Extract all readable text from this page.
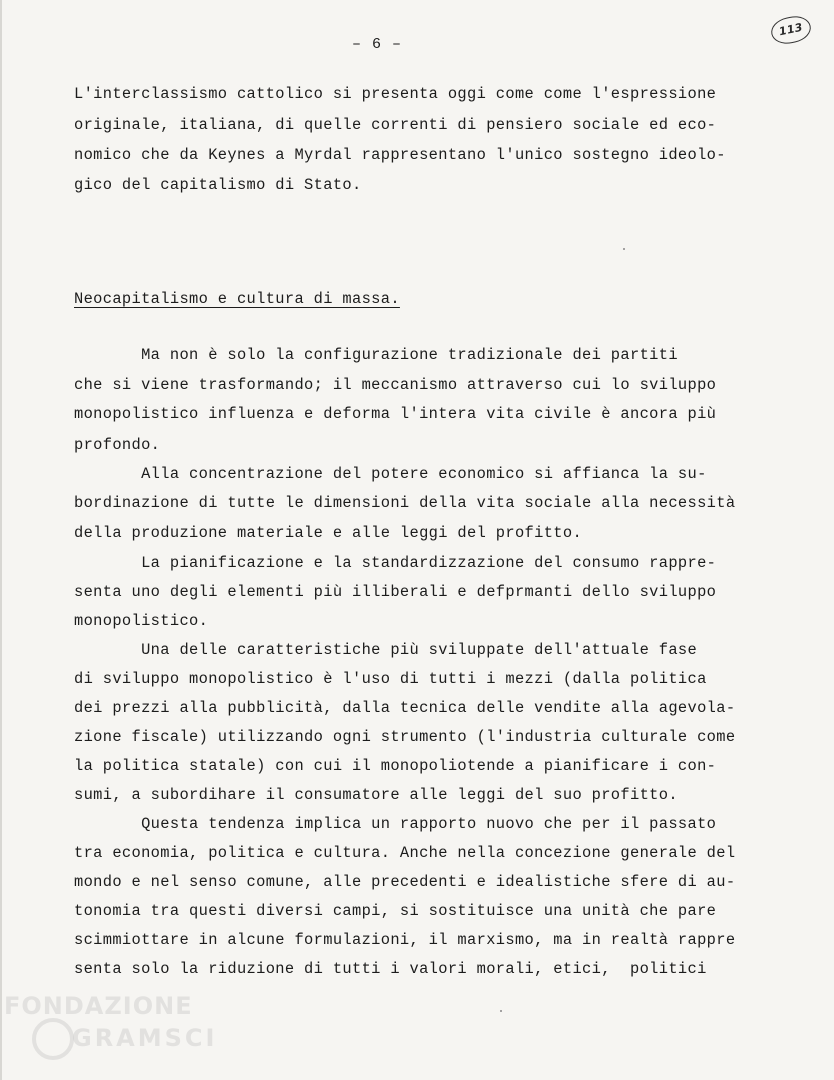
– 6 –
113
L'interclassismo cattolico si presenta oggi come come l'espressione
originale, italiana, di quelle correnti di pensiero sociale ed eco-
nomico che da Keynes a Myrdal rappresentano l'unico sostegno ideolo-
gico del capitalismo di Stato.
Neocapitalismo e cultura di massa.
Ma non è solo la configurazione tradizionale dei partiti
che si viene trasformando; il meccanismo attraverso cui lo sviluppo
monopolistico influenza e deforma l'intera vita civile è ancora più
profondo.
Alla concentrazione del potere economico si affianca la su-
bordinazione di tutte le dimensioni della vita sociale alla necessità
della produzione materiale e alle leggi del profitto.
La pianificazione e la standardizzazione del consumo rappre-
senta uno degli elementi più illiberali e defprmanti dello sviluppo
monopolistico.
Una delle caratteristiche più sviluppate dell'attuale fase
di sviluppo monopolistico è l'uso di tutti i mezzi (dalla politica
dei prezzi alla pubblicità, dalla tecnica delle vendite alla agevola-
zione fiscale) utilizzando ogni strumento (l'industria culturale come
la politica statale) con cui il monopoliotende a pianificare i con-
sumi, a subordihare il consumatore alle leggi del suo profitto.
Questa tendenza implica un rapporto nuovo che per il passato
tra economia, politica e cultura. Anche nella concezione generale del
mondo e nel senso comune, alle precedenti e idealistiche sfere di au-
tonomia tra questi diversi campi, si sostituisce una unità che pare
scimmiottare in alcune formulazioni, il marxismo, ma in realtà rappre
senta solo la riduzione di tutti i valori morali, etici,  politici
FONDAZIONE
GRAMSCI
